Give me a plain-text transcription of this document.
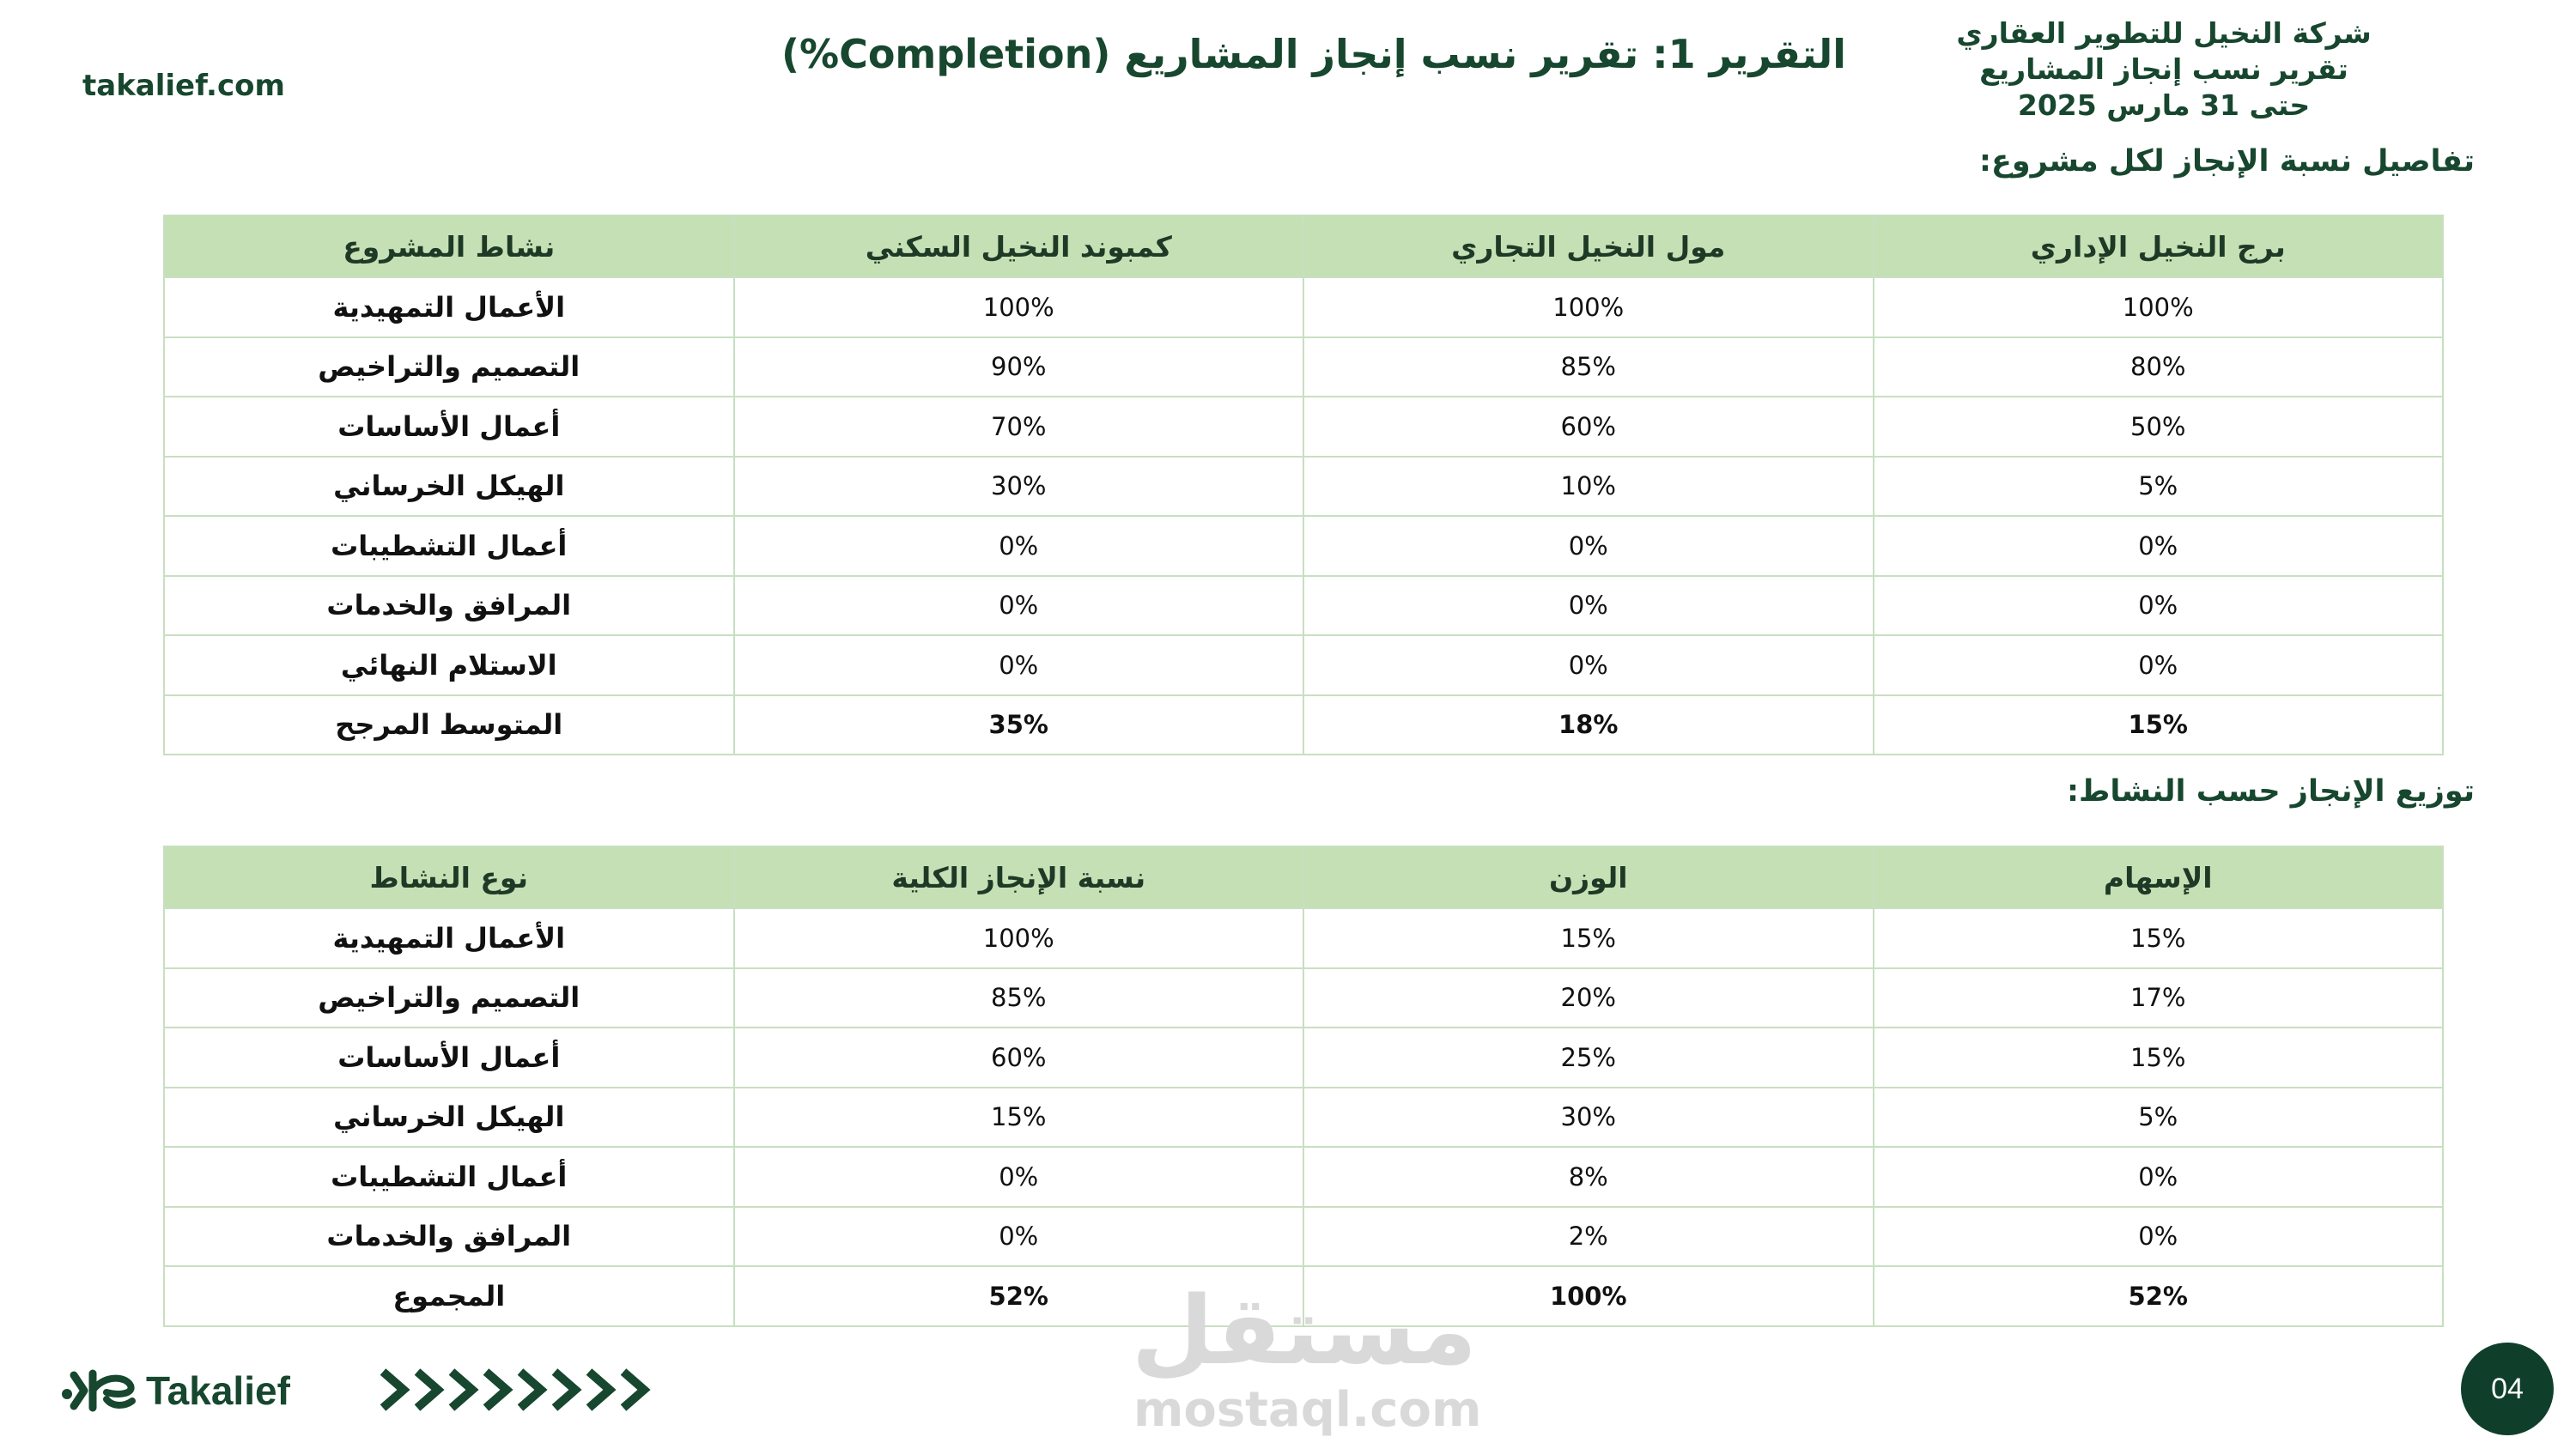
takalief.com
التقرير 1: تقرير نسب إنجاز المشاريع (Completion%)	شركة النخيل للتطوير العقاري
تقرير نسب إنجاز المشاريع
حتى 31 مارس 2025
تفاصيل نسبة الإنجاز لكل مشروع:
برج النخيل الإداري	مول النخيل التجاري	كمبوند النخيل السكني	نشاط المشروع
100%	100%	100%	الأعمال التمهيدية
80%	85%	90%	التصميم والتراخيص
50%	60%	70%	أعمال الأساسات
5%	10%	30%	الهيكل الخرساني
0%	0%	0%	أعمال التشطيبات
0%	0%	0%	المرافق والخدمات
0%	0%	0%	الاستلام النهائي
15%	18%	35%	المتوسط المرجح
توزيع الإنجاز حسب النشاط:
الإسهام	الوزن	نسبة الإنجاز الكلية	نوع النشاط
15%	15%	100%	الأعمال التمهيدية
17%	20%	85%	التصميم والتراخيص
15%	25%	60%	أعمال الأساسات
5%	30%	15%	الهيكل الخرساني
0%	8%	0%	أعمال التشطيبات
0%	2%	0%	المرافق والخدمات
52%	100%	52%	المجموع
Takalief
مستقل
mostaql.com	04
